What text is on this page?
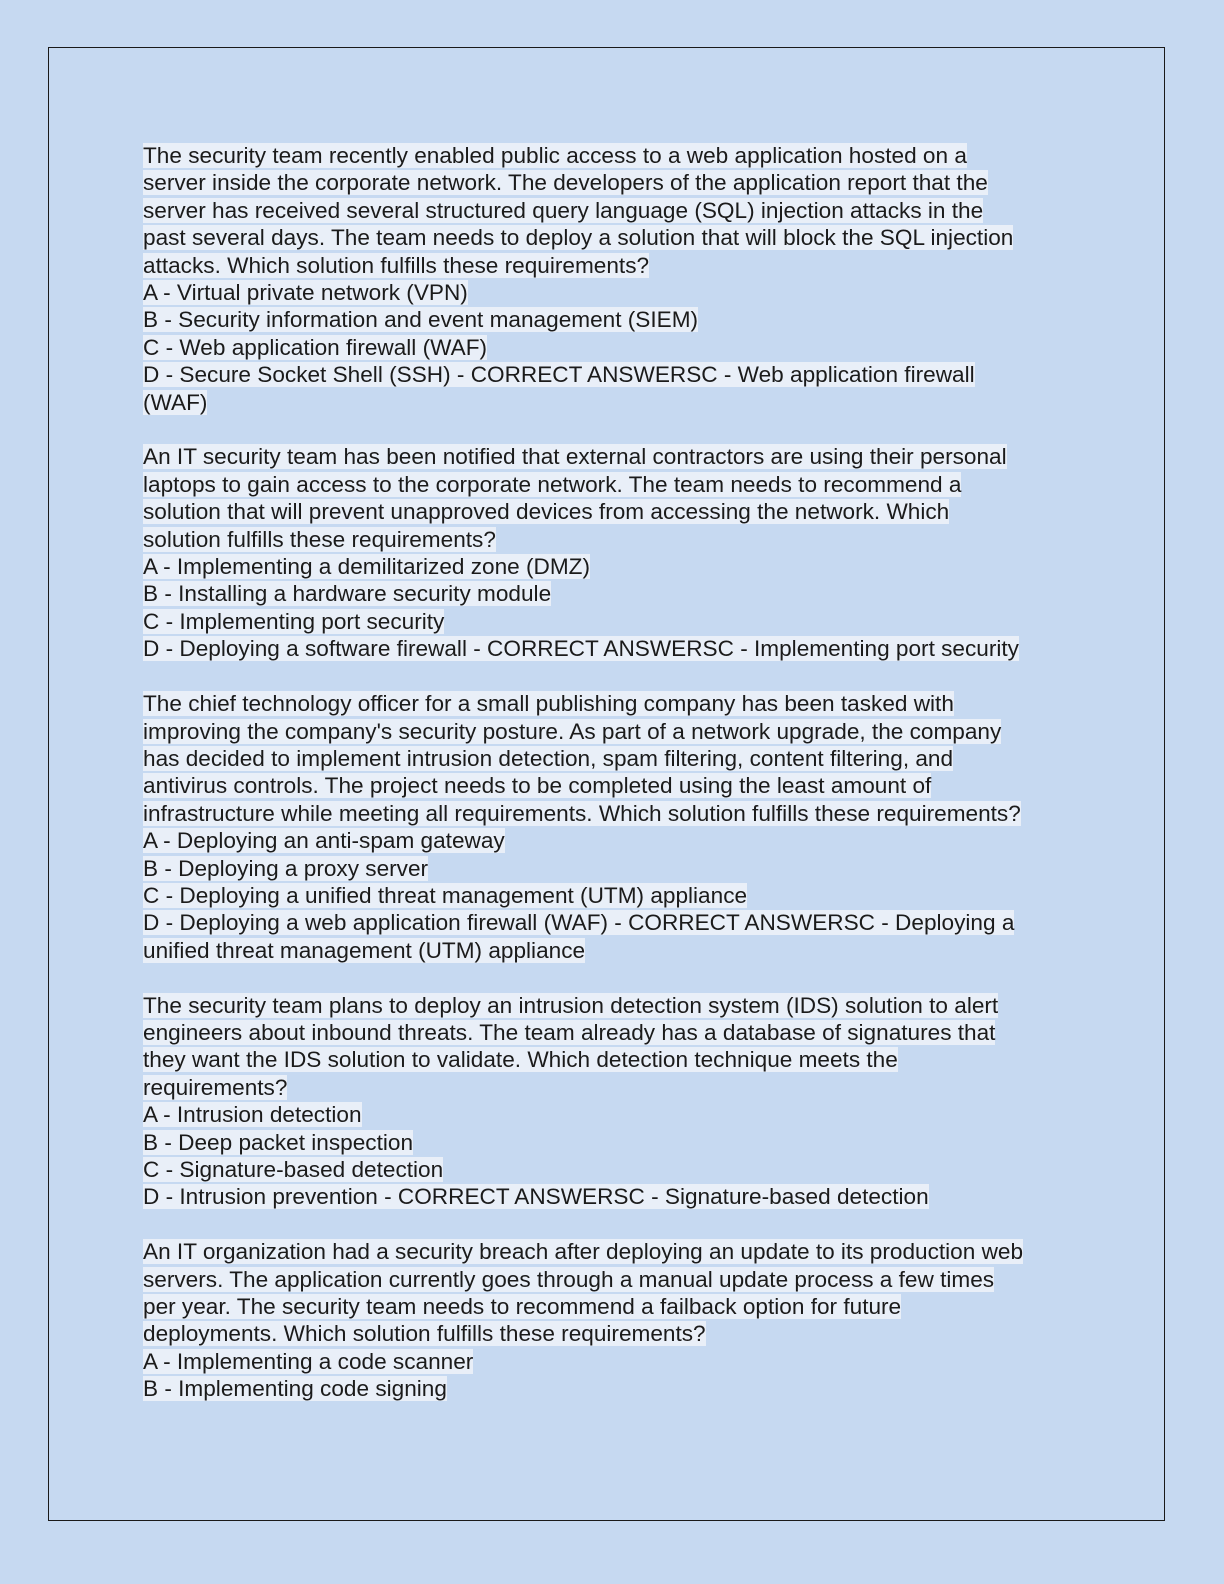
The security team recently enabled public access to a web application hosted on a
server inside the corporate network. The developers of the application report that the
server has received several structured query language (SQL) injection attacks in the
past several days. The team needs to deploy a solution that will block the SQL injection
attacks. Which solution fulfills these requirements?
A - Virtual private network (VPN)
B - Security information and event management (SIEM)
C - Web application firewall (WAF)
D - Secure Socket Shell (SSH) - CORRECT ANSWERSC - Web application firewall
(WAF)
An IT security team has been notified that external contractors are using their personal
laptops to gain access to the corporate network. The team needs to recommend a
solution that will prevent unapproved devices from accessing the network. Which
solution fulfills these requirements?
A - Implementing a demilitarized zone (DMZ)
B - Installing a hardware security module
C - Implementing port security
D - Deploying a software firewall - CORRECT ANSWERSC - Implementing port security
The chief technology officer for a small publishing company has been tasked with
improving the company's security posture. As part of a network upgrade, the company
has decided to implement intrusion detection, spam filtering, content filtering, and
antivirus controls. The project needs to be completed using the least amount of
infrastructure while meeting all requirements. Which solution fulfills these requirements?
A - Deploying an anti-spam gateway
B - Deploying a proxy server
C - Deploying a unified threat management (UTM) appliance
D - Deploying a web application firewall (WAF) - CORRECT ANSWERSC - Deploying a
unified threat management (UTM) appliance
The security team plans to deploy an intrusion detection system (IDS) solution to alert
engineers about inbound threats. The team already has a database of signatures that
they want the IDS solution to validate. Which detection technique meets the
requirements?
A - Intrusion detection
B - Deep packet inspection
C - Signature-based detection
D - Intrusion prevention - CORRECT ANSWERSC - Signature-based detection
An IT organization had a security breach after deploying an update to its production web
servers. The application currently goes through a manual update process a few times
per year. The security team needs to recommend a failback option for future
deployments. Which solution fulfills these requirements?
A - Implementing a code scanner
B - Implementing code signing
